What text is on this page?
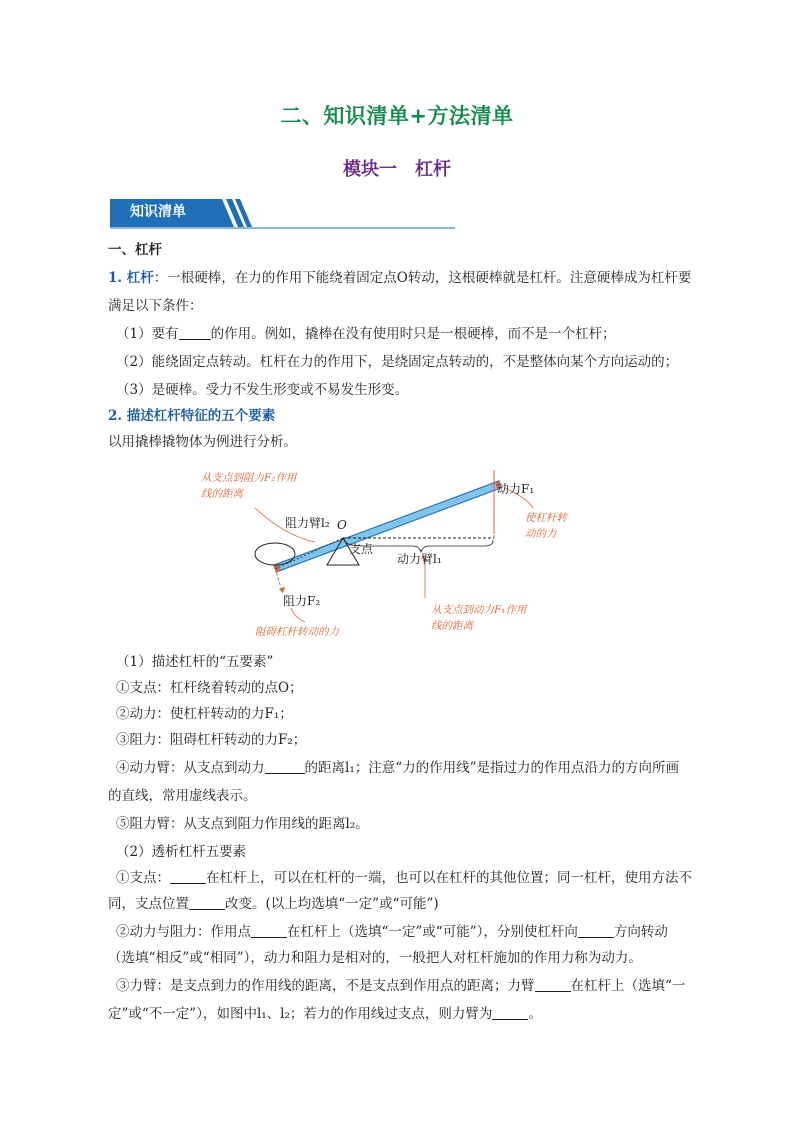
二、知识清单+方法清单
模块一　杠杆
知识清单
一、杠杆
1. 杠杆：一根硬棒，在力的作用下能绕着固定点O转动，这根硬棒就是杠杆。注意硬棒成为杠杆要
满足以下条件：
（1）要有 的作用。例如，撬棒在没有使用时只是一根硬棒，而不是一个杠杆；
（2）能绕固定点转动。杠杆在力的作用下，是绕固定点转动的，不是整体向某个方向运动的；
（3）是硬棒。受力不发生形变或不易发生形变。
2. 描述杠杆特征的五个要素
以用撬棒撬物体为例进行分析。
从支点到阻力F₂作用
线的距离
阻力臂l₂ O
支点
动力F₁
使杠杆转
动的力
动力臂l₁
阻力F₂
阻碍杠杆转动的力
从支点到动力F₁作用
线的距离
（1）描述杠杆的“五要素”
①支点：杠杆绕着转动的点O；
②动力：使杠杆转动的力F₁；
③阻力：阻碍杠杆转动的力F₂；
④动力臂：从支点到动力	的距离l₁；注意“力的作用线”是指过力的作用点沿力的方向所画
的直线，常用虚线表示。
⑤阻力臂：从支点到阻力作用线的距离l₂。
（2）透析杠杆五要素
①支点：	在杠杆上，可以在杠杆的一端，也可以在杠杆的其他位置；同一杠杆，使用方法不
同，支点位置	改变。(以上均选填“一定”或“可能”)
②动力与阻力：作用点	在杠杆上（选填“一定”或“可能”），分别使杠杆向	方向转动
（选填“相反”或“相同”），动力和阻力是相对的，一般把人对杠杆施加的作用力称为动力。
③力臂：是支点到力的作用线的距离，不是支点到作用点的距离；力臂	在杠杆上（选填“一
定”或“不一定”），如图中l₁、l₂；若力的作用线过支点，则力臂为	。
